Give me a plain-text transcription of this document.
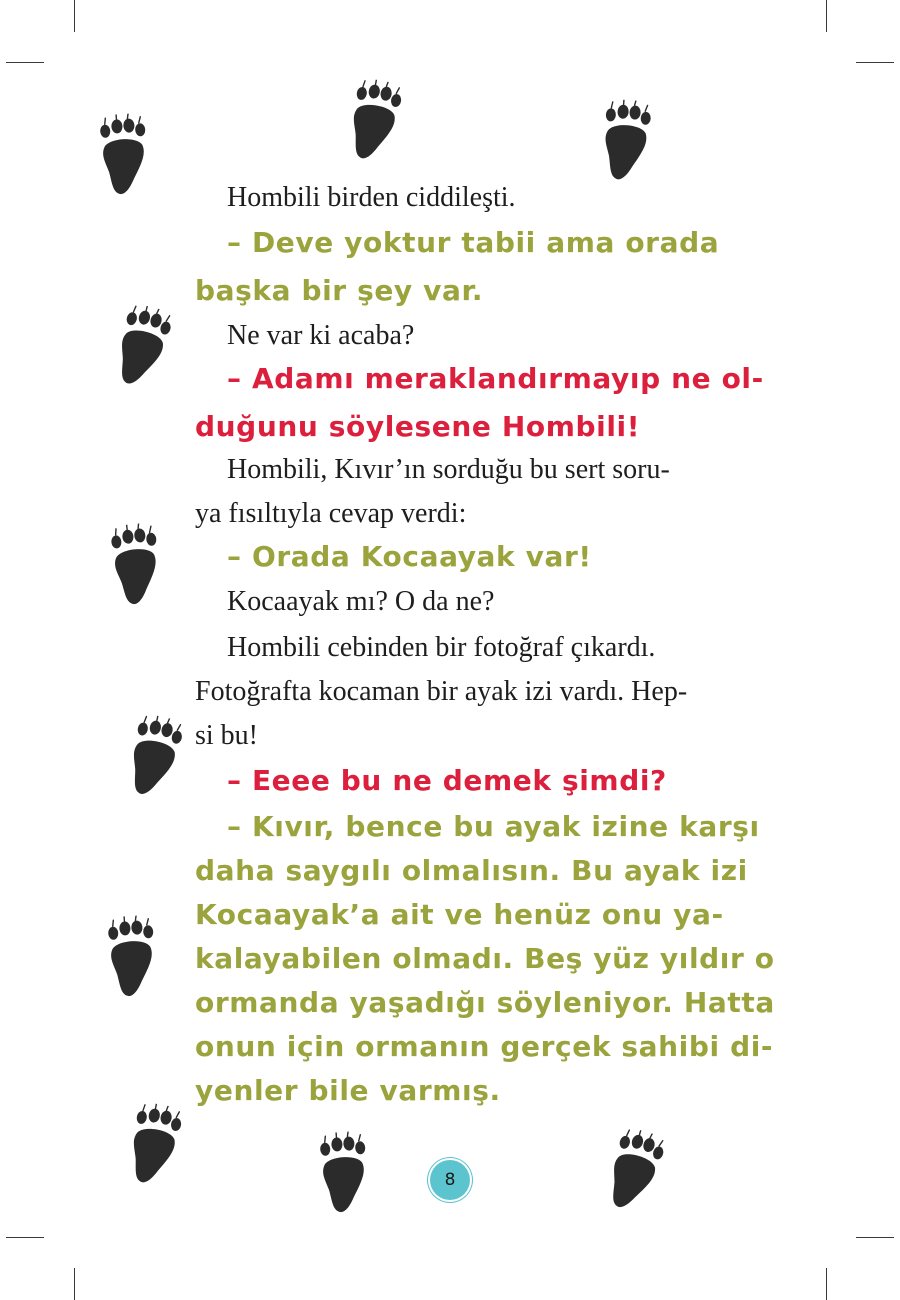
Hombili birden ciddileşti.
– Deve yoktur tabii ama orada
başka bir şey var.
Ne var ki acaba?
– Adamı meraklandırmayıp ne ol-
duğunu söylesene Hombili!
Hombili, Kıvır’ın sorduğu bu sert soru-
ya fısıltıyla cevap verdi:
– Orada Kocaayak var!
Kocaayak mı? O da ne?
Hombili cebinden bir fotoğraf çıkardı.
Fotoğrafta kocaman bir ayak izi vardı. Hep-
si bu!
– Eeee bu ne demek şimdi?
– Kıvır, bence bu ayak izine karşı
daha saygılı olmalısın. Bu ayak izi
Kocaayak’a ait ve henüz onu ya-
kalayabilen olmadı. Beş yüz yıldır o
ormanda yaşadığı söyleniyor. Hatta
onun için ormanın gerçek sahibi di-
yenler bile varmış.
8
